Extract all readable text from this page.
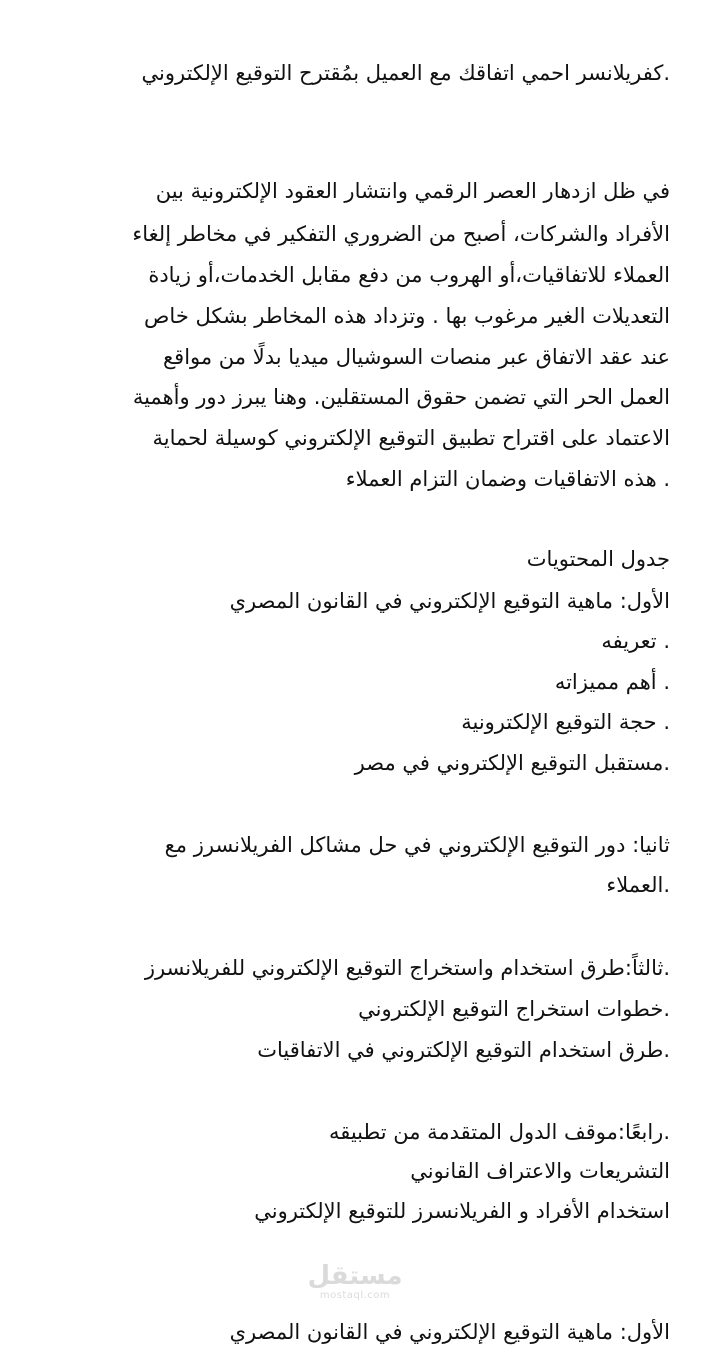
.كفريلانسر احمي اتفاقك مع العميل بمُقترح التوقيع الإلكتروني
في ظل ازدهار العصر الرقمي وانتشار العقود الإلكترونية بين
الأفراد والشركات، أصبح من الضروري التفكير في مخاطر إلغاء
العملاء للاتفاقيات،أو الهروب من دفع مقابل الخدمات،أو زيادة
التعديلات الغير مرغوب بها . وتزداد هذه المخاطر بشكل خاص
عند عقد الاتفاق عبر منصات السوشيال ميديا بدلًا من مواقع
العمل الحر التي تضمن حقوق المستقلين. وهنا يبرز دور وأهمية
الاعتماد على اقتراح تطبيق التوقيع الإلكتروني كوسيلة لحماية
. هذه الاتفاقيات وضمان التزام العملاء
جدول المحتويات
الأول: ماهية التوقيع الإلكتروني في القانون المصري
. تعريفه
. أهم مميزاته
. حجة التوقيع الإلكترونية
.مستقبل التوقيع الإلكتروني في مصر
ثانيا: دور التوقيع الإلكتروني في حل مشاكل الفريلانسرز مع
.العملاء
.ثالثاً:طرق استخدام واستخراج التوقيع الإلكتروني للفريلانسرز
.خطوات استخراج التوقيع الإلكتروني
.طرق استخدام التوقيع الإلكتروني في الاتفاقيات
.رابعًا:موقف الدول المتقدمة من تطبيقه
التشريعات والاعتراف القانوني
استخدام الأفراد و الفريلانسرز للتوقيع الإلكتروني
مستقل
mostaql.com
الأول: ماهية التوقيع الإلكتروني في القانون المصري
